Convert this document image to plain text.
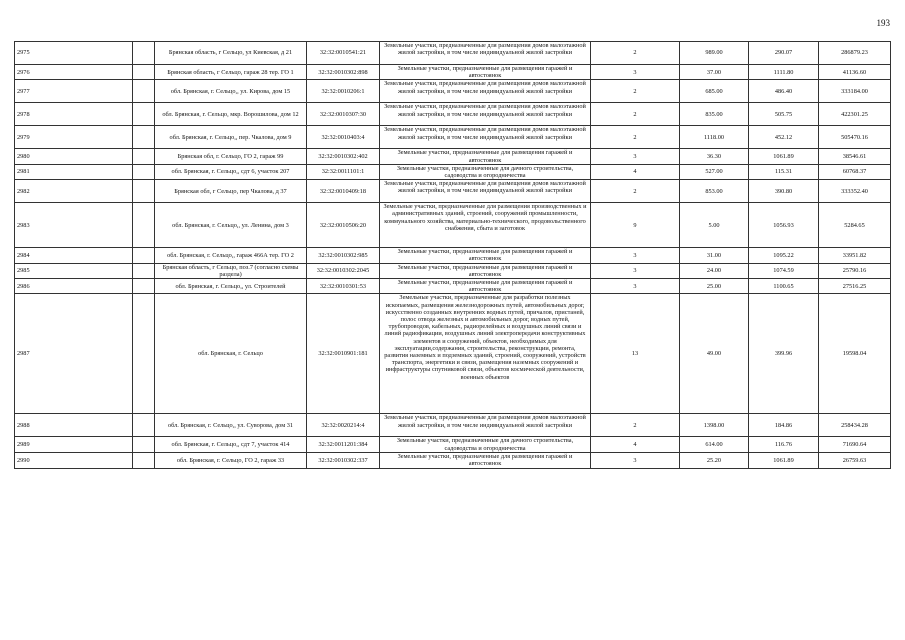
193
2975		Брянская область, г Сельцо, ул Киевская, д 21	32:32:0010541:21	Земельные участки, предназначенные для размещения домов малоэтажной жилой застройки, в том числе индивидуальной жилой застройки	2	989.00	290.07	286879.23
2976		Брянская область, г Сельцо, гараж 28 тер. ГО 1	32:32:0010302:898	Земельные участки, предназначенные для размещения гаражей и автостоянок	3	37.00	1111.80	41136.60
2977		обл. Брянская, г. Сельцо,, ул. Кирова, дом 15	32:32:0010206:1	Земельные участки, предназначенные для размещения домов малоэтажной жилой застройки, в том числе индивидуальной жилой застройки	2	685.00	486.40	333184.00
2978		обл. Брянская, г. Сельцо, мкр. Ворошилова, дом 12	32:32:0010307:30	Земельные участки, предназначенные для размещения домов малоэтажной жилой застройки, в том числе индивидуальной жилой застройки	2	835.00	505.75	422301.25
2979		обл. Брянская, г. Сельцо,, пер. Чкалова, дом 9	32:32:0010403:4	Земельные участки, предназначенные для размещения домов малоэтажной жилой застройки, в том числе индивидуальной жилой застройки	2	1118.00	452.12	505470.16
2980		Брянская обл, г. Сельцо, ГО 2, гараж 99	32:32:0010302:402	Земельные участки, предназначенные для размещения гаражей и автостоянок	3	36.30	1061.89	38546.61
2981		обл. Брянская, г. Сельцо,, сдт 6, участок 207	32:32:0011101:1	Земельные участки, предназначенные для дачного строительства, садоводства и огородничества	4	527.00	115.31	60768.37
2982		Брянская обл, г Сельцо, пер Чкалова, д 37	32:32:0010409:18	Земельные участки, предназначенные для размещения домов малоэтажной жилой застройки, в том числе индивидуальной жилой застройки	2	853.00	390.80	333352.40
2983		обл. Брянская, г. Сельцо,, ул. Ленина, дом 3	32:32:0010506:20	Земельные участки, предназначенные для размещения производственных и административных зданий, строений, сооружений промышленности, коммунального хозяйства, материально-технического, продовольственного снабжения, сбыта и заготовок	9	5.00	1056.93	5284.65
2984		обл. Брянская, г. Сельцо,, гараж 466А тер. ГО 2	32:32:0010302:985	Земельные участки, предназначенные для размещения гаражей и автостоянок	3	31.00	1095.22	33951.82
2985		Брянская область, г Сельцо, поз.7 (согласно схемы раздела)	32:32:0010302:2045	Земельные участки, предназначенные для размещения гаражей и автостоянок	3	24.00	1074.59	25790.16
2986		обл. Брянская, г. Сельцо,, ул. Строителей	32:32:0010301:53	Земельные участки, предназначенные для размещения гаражей и автостоянок	3	25.00	1100.65	27516.25
2987		обл. Брянская, г. Сельцо	32:32:0010901:181	Земельные участки, предназначенные для разработки полезных ископаемых, размещения железнодорожных путей, автомобильных дорог, искусственно созданных внутренних водных путей, причалов, пристаней, полос отвода железных и автомобильных дорог, водных путей, трубопроводов, кабельных, радиорелейных и воздушных линий связи и линий радиофикации, воздушных линий электропередачи конструктивных элементов и сооружений, объектов, необходимых для эксплуатации,содержания, строительства, реконструкции, ремонта, развития наземных и подземных зданий, строений, сооружений, устройств транспорта, энергетики и связи, размещения наземных сооружений и инфраструктуры спутниковой связи, объектов космической деятельности, военных объектов	13	49.00	399.96	19598.04
2988		обл. Брянская, г. Сельцо,, ул. Суворова, дом 31	32:32:0020214:4	Земельные участки, предназначенные для размещения домов малоэтажной жилой застройки, в том числе индивидуальной жилой застройки	2	1398.00	184.86	258434.28
2989		обл. Брянская, г. Сельцо,, сдт 7, участок 414	32:32:0011201:384	Земельные участки, предназначенные для дачного строительства, садоводства и огородничества	4	614.00	116.76	71690.64
2990		обл. Брянская, г. Сельцо, ГО 2, гараж 33	32:32:0010302:337	Земельные участки, предназначенные для размещения гаражей и автостоянок	3	25.20	1061.89	26759.63
